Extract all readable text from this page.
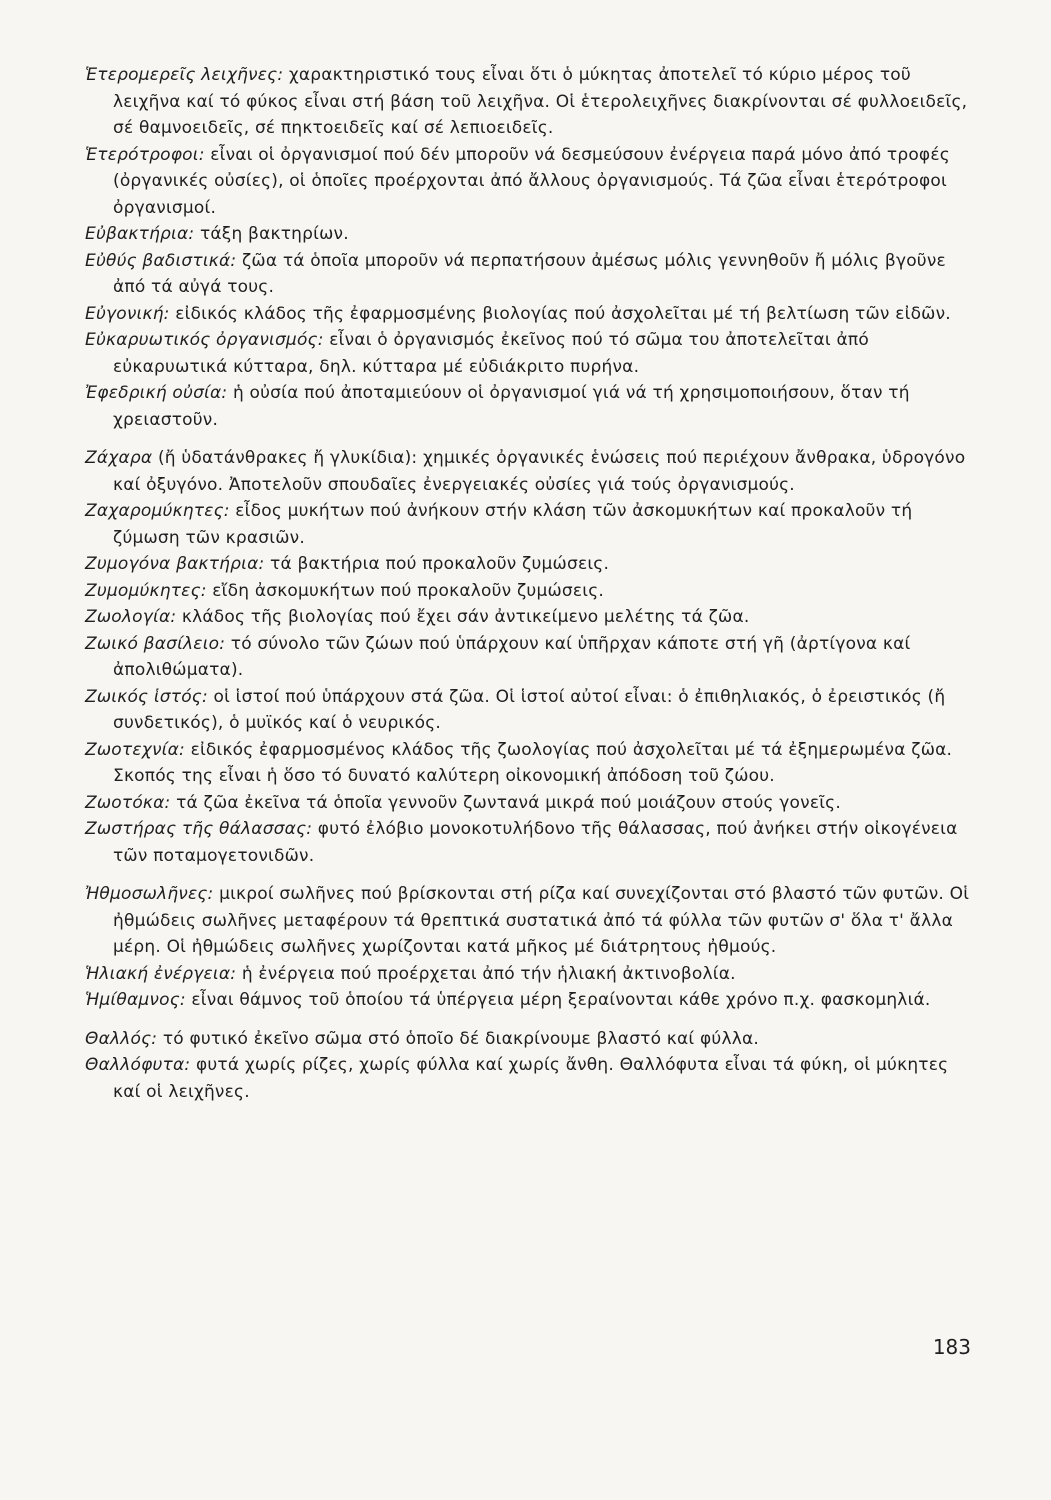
Ἑτερομερεῖς λειχῆνες: χαρακτηριστικό τους εἶναι ὅτι ὁ μύκητας ἀποτελεῖ τό κύριο μέρος τοῦ λειχῆνα καί τό φύκος εἶναι στή βάση τοῦ λειχῆνα. Οἱ ἑτερολειχῆνες διακρίνονται σέ φυλλοειδεῖς, σέ θαμνοειδεῖς, σέ πηκτοειδεῖς καί σέ λεπιοειδεῖς.

Ἑτερότροφοι: εἶναι οἱ ὀργανισμοί πού δέν μποροῦν νά δεσμεύσουν ἐνέργεια παρά μόνο ἀπό τροφές (ὀργανικές οὐσίες), οἱ ὁποῖες προέρχονται ἀπό ἄλλους ὀργανισμούς. Τά ζῶα εἶναι ἑτερότροφοι ὀργανισμοί.

Εὐβακτήρια: τάξη βακτηρίων.

Εὐθύς βαδιστικά: ζῶα τά ὁποῖα μποροῦν νά περπατήσουν ἀμέσως μόλις γεννηθοῦν ἤ μόλις βγοῦνε ἀπό τά αὐγά τους.

Εὐγονική: εἰδικός κλάδος τῆς ἐφαρμοσμένης βιολογίας πού ἀσχολεῖται μέ τή βελτίωση τῶν εἰδῶν.

Εὐκαρυωτικός ὀργανισμός: εἶναι ὁ ὀργανισμός ἐκεῖνος πού τό σῶμα του ἀποτελεῖται ἀπό εὐκαρυωτικά κύτταρα, δηλ. κύτταρα μέ εὐδιάκριτο πυρήνα.

Ἐφεδρική οὐσία: ἡ οὐσία πού ἀποταμιεύουν οἱ ὀργανισμοί γιά νά τή χρησιμοποιήσουν, ὅταν τή χρειαστοῦν.

Ζάχαρα (ἤ ὑδατάνθρακες ἤ γλυκίδια): χημικές ὀργανικές ἑνώσεις πού περιέχουν ἄνθρακα, ὑδρογόνο καί ὀξυγόνο. Ἀποτελοῦν σπουδαῖες ἐνεργειακές οὐσίες γιά τούς ὀργανισμούς.

Ζαχαρομύκητες: εἶδος μυκήτων πού ἀνήκουν στήν κλάση τῶν ἀσκομυκήτων καί προκαλοῦν τή ζύμωση τῶν κρασιῶν.

Ζυμογόνα βακτήρια: τά βακτήρια πού προκαλοῦν ζυμώσεις.

Ζυμομύκητες: εἴδη ἀσκομυκήτων πού προκαλοῦν ζυμώσεις.

Ζωολογία: κλάδος τῆς βιολογίας πού ἔχει σάν ἀντικείμενο μελέτης τά ζῶα.

Ζωικό βασίλειο: τό σύνολο τῶν ζώων πού ὑπάρχουν καί ὑπῆρχαν κάποτε στή γῆ (ἀρτίγονα καί ἀπολιθώματα).

Ζωικός ἱστός: οἱ ἱστοί πού ὑπάρχουν στά ζῶα. Οἱ ἱστοί αὐτοί εἶναι: ὁ ἐπιθηλιακός, ὁ ἐρειστικός (ἤ συνδετικός), ὁ μυϊκός καί ὁ νευρικός.

Ζωοτεχνία: εἰδικός ἐφαρμοσμένος κλάδος τῆς ζωολογίας πού ἀσχολεῖται μέ τά ἐξημερωμένα ζῶα. Σκοπός της εἶναι ἡ ὅσο τό δυνατό καλύτερη οἰκονομική ἀπόδοση τοῦ ζώου.

Ζωοτόκα: τά ζῶα ἐκεῖνα τά ὁποῖα γεννοῦν ζωντανά μικρά πού μοιάζουν στούς γονεῖς.

Ζωστήρας τῆς θάλασσας: φυτό ἐλόβιο μονοκοτυλήδονο τῆς θάλασσας, πού ἀνήκει στήν οἰκογένεια τῶν ποταμογετονιδῶν.

Ἠθμοσωλῆνες: μικροί σωλῆνες πού βρίσκονται στή ρίζα καί συνεχίζονται στό βλαστό τῶν φυτῶν. Οἱ ἠθμώδεις σωλῆνες μεταφέρουν τά θρεπτικά συστατικά ἀπό τά φύλλα τῶν φυτῶν σ' ὅλα τ' ἄλλα μέρη. Οἱ ἠθμώδεις σωλῆνες χωρίζονται κατά μῆκος μέ διάτρητους ἠθμούς.

Ἡλιακή ἐνέργεια: ἡ ἐνέργεια πού προέρχεται ἀπό τήν ἡλιακή ἀκτινοβολία.

Ἡμίθαμνος: εἶναι θάμνος τοῦ ὁποίου τά ὑπέργεια μέρη ξεραίνονται κάθε χρόνο π.χ. φασκομηλιά.

Θαλλός: τό φυτικό ἐκεῖνο σῶμα στό ὁποῖο δέ διακρίνουμε βλαστό καί φύλλα.

Θαλλόφυτα: φυτά χωρίς ρίζες, χωρίς φύλλα καί χωρίς ἄνθη. Θαλλόφυτα εἶναι τά φύκη, οἱ μύκητες καί οἱ λειχῆνες.

183
